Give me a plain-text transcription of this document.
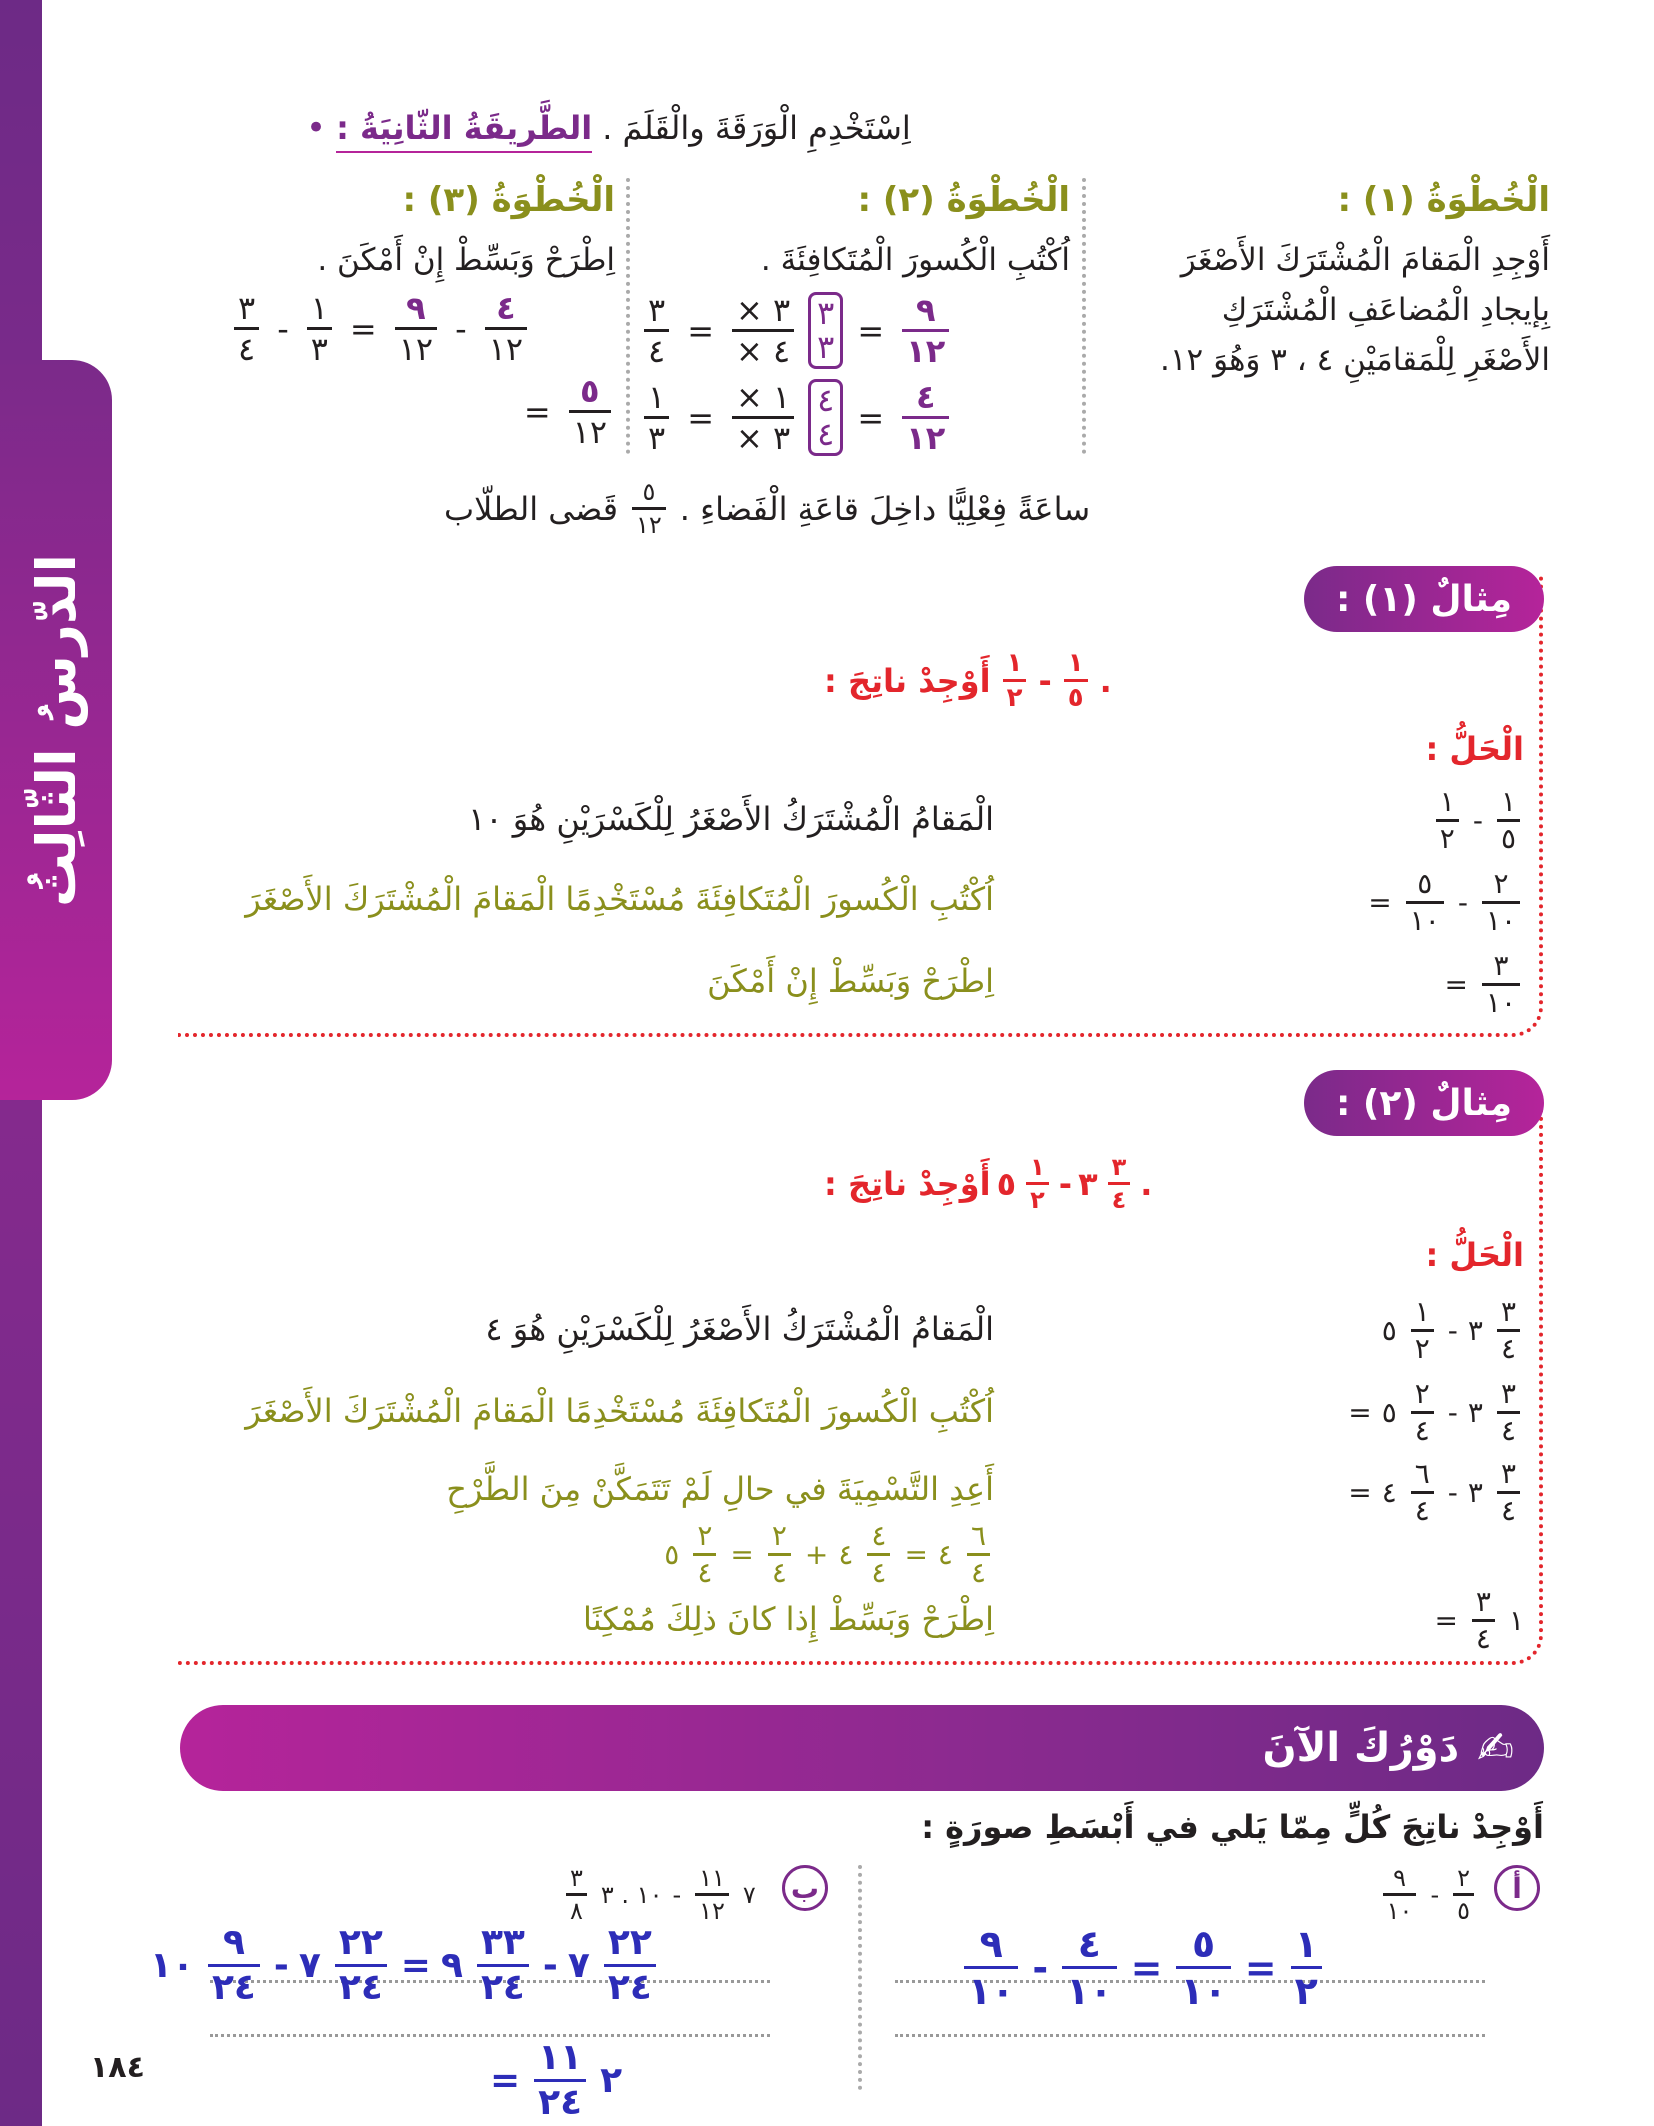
الدّرسُ الثّالِثُ
• الطَّريقَةُ الثّانِيَةُ : اِسْتَخْدِمِ الْوَرَقَةَ والْقَلَمَ .
الْخُطْوَةُ (١) :
أَوْجِدِ الْمَقامَ الْمُشْتَرَكَ الأَصْغَرَ
بِإيجادِ الْمُضاعَفِ الْمُشْتَرَكِ
الأَصْغَرِ لِلْمَقامَيْنِ ٤ ، ٣ وَهُوَ ١٢.
الْخُطْوَةُ (٢) :
اُكْتُبِ الْكُسورَ الْمُتَكافِئَةَ .
$\frac{٣}{٤} = \frac{٣ \times}{٤ \times}$ ٣
٣ = $\frac{٩}{١٢}$
$\frac{١}{٣} = \frac{١ \times}{٣ \times}$ ٤
٤ = $\frac{٤}{١٢}$
الْخُطْوَةُ (٣) :
اِطْرَحْ وَبَسِّطْ إِنْ أَمْكَنَ .
$\frac{٣}{٤} - \frac{١}{٣} = \frac{٩}{١٢} - \frac{٤}{١٢}$
= $\frac{٥}{١٢}$
قَضى الطلّاب $\frac{٥}{١٢}$ ساعَةً فِعْلِيًّا داخِلَ قاعَةِ الْفَضاءِ .
مِثالٌ (١) :
أَوْجِدْ ناتِجَ : $\frac{١}{٢} - \frac{١}{٥}$ .
الْحَلُّ :
الْمَقامُ الْمُشْتَرَكُ الأَصْغَرُ لِلْكَسْرَيْنِ هُوَ ١٠
اُكْتُبِ الْكُسورَ الْمُتَكافِئَةَ مُسْتَخْدِمًا الْمَقامَ الْمُشْتَرَكَ الأَصْغَرَ
اِطْرَحْ وَبَسِّطْ إِنْ أَمْكَنَ
$\frac{١}{٢} - \frac{١}{٥}$
= $\frac{٥}{١٠} - \frac{٢}{١٠}$
= $\frac{٣}{١٠}$
مِثالٌ (٢) :
أَوْجِدْ ناتِجَ : ٥ $\frac{١}{٢}$ - ٣ $\frac{٣}{٤}$ .
الْحَلُّ :
الْمَقامُ الْمُشْتَرَكُ الأَصْغَرُ لِلْكَسْرَيْنِ هُوَ ٤
اُكْتُبِ الْكُسورَ الْمُتَكافِئَةَ مُسْتَخْدِمًا الْمَقامَ الْمُشْتَرَكَ الأَصْغَرَ
أَعِدِ التَّسْمِيَةَ في حالِ لَمْ تَتَمَكَّنْ مِنَ الطَّرْحِ
٥ $\frac{٢}{٤} = \frac{٢}{٤}$ + ٤ $\frac{٤}{٤}$ = ٤ $\frac{٦}{٤}$
اِطْرَحْ وَبَسِّطْ إِذا كانَ ذلِكَ مُمْكِنًا
٥ $\frac{١}{٢}$ - ٣ $\frac{٣}{٤}$
= ٥ $\frac{٢}{٤}$ - ٣ $\frac{٣}{٤}$
= ٤ $\frac{٦}{٤}$ - ٣ $\frac{٣}{٤}$
= $\frac{٣}{٤}$ ١
✍
دَوْرُكَ الآنَ
أَوْجِدْ ناتِجَ كُلٍّ مِمّا يَلي في أَبْسَطِ صورَةٍ :
أ
$\frac{٩}{١٠} - \frac{٢}{٥}$
ب
$\frac{٣}{٨}$ ١٠ . ٣ - $\frac{١١}{١٢}$ ٧
$\frac{٩}{١٠} - \frac{٤}{١٠} = \frac{٥}{١٠} = \frac{١}{٢}$
١٠ $\frac{٩}{٢٤}$ - ٧ $\frac{٢٢}{٢٤}$ = ٩ $\frac{٣٣}{٢٤}$ - ٧ $\frac{٢٢}{٢٤}$
= $\frac{١١}{٢٤}$ ٢
١٨٤
